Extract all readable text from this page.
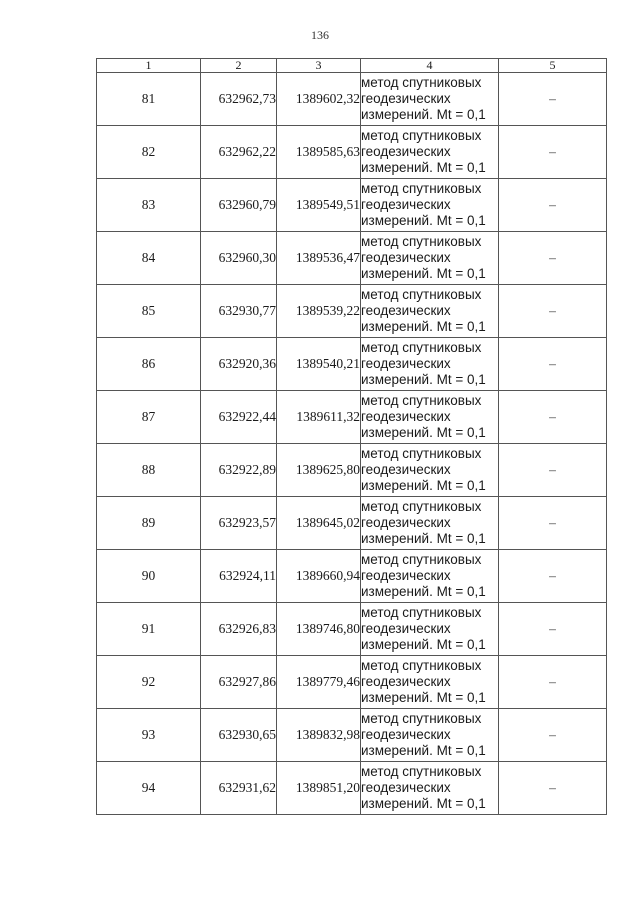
136
1	2	3	4	5
81	632962,73	1389602,32	метод спутниковых
геодезических
измерений. Mt = 0,1	–
82	632962,22	1389585,63	метод спутниковых
геодезических
измерений. Mt = 0,1	–
83	632960,79	1389549,51	метод спутниковых
геодезических
измерений. Mt = 0,1	–
84	632960,30	1389536,47	метод спутниковых
геодезических
измерений. Mt = 0,1	–
85	632930,77	1389539,22	метод спутниковых
геодезических
измерений. Mt = 0,1	–
86	632920,36	1389540,21	метод спутниковых
геодезических
измерений. Mt = 0,1	–
87	632922,44	1389611,32	метод спутниковых
геодезических
измерений. Mt = 0,1	–
88	632922,89	1389625,80	метод спутниковых
геодезических
измерений. Mt = 0,1	–
89	632923,57	1389645,02	метод спутниковых
геодезических
измерений. Mt = 0,1	–
90	632924,11	1389660,94	метод спутниковых
геодезических
измерений. Mt = 0,1	–
91	632926,83	1389746,80	метод спутниковых
геодезических
измерений. Mt = 0,1	–
92	632927,86	1389779,46	метод спутниковых
геодезических
измерений. Mt = 0,1	–
93	632930,65	1389832,98	метод спутниковых
геодезических
измерений. Mt = 0,1	–
94	632931,62	1389851,20	метод спутниковых
геодезических
измерений. Mt = 0,1	–
